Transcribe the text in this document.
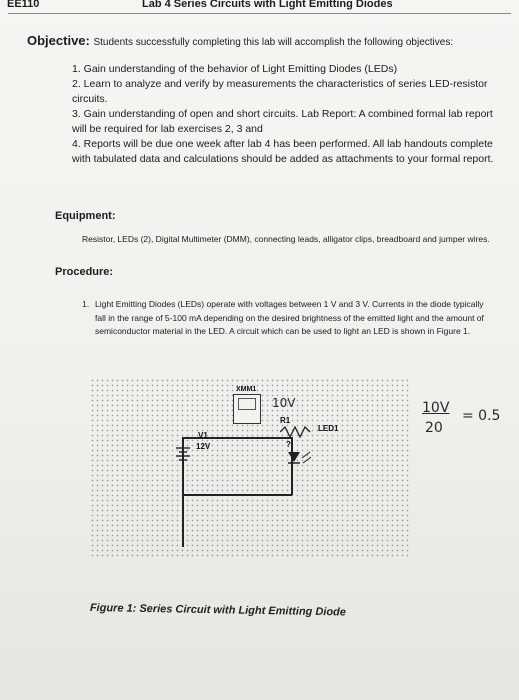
EE110	Lab 4 Series Circuits with Light Emitting Diodes
Objective: Students successfully completing this lab will accomplish the following objectives:
1. Gain understanding of the behavior of Light Emitting Diodes (LEDs)
2. Learn to analyze and verify by measurements the characteristics of series LED-resistor circuits.
3. Gain understanding of open and short circuits. Lab Report: A combined formal lab report will be required for lab exercises 2, 3 and
4. Reports will be due one week after lab 4 has been performed. All lab handouts complete with tabulated data and calculations should be added as attachments to your formal report.
Equipment:
Resistor, LEDs (2), Digital Multimeter (DMM), connecting leads, alligator clips, breadboard and jumper wires.
Procedure:
1. Light Emitting Diodes (LEDs) operate with voltages between 1 V and 3 V. Currents in the diode typically fall in the range of 5-100 mA depending on the desired brightness of the emitted light and the amount of semiconductor material in the LED. A circuit which can be used to light an LED is shown in Figure 1.
XMM1
R1
?
LED1
V1
12V
10V	10V
20
= 0.5
Figure 1: Series Circuit with Light Emitting Diode
